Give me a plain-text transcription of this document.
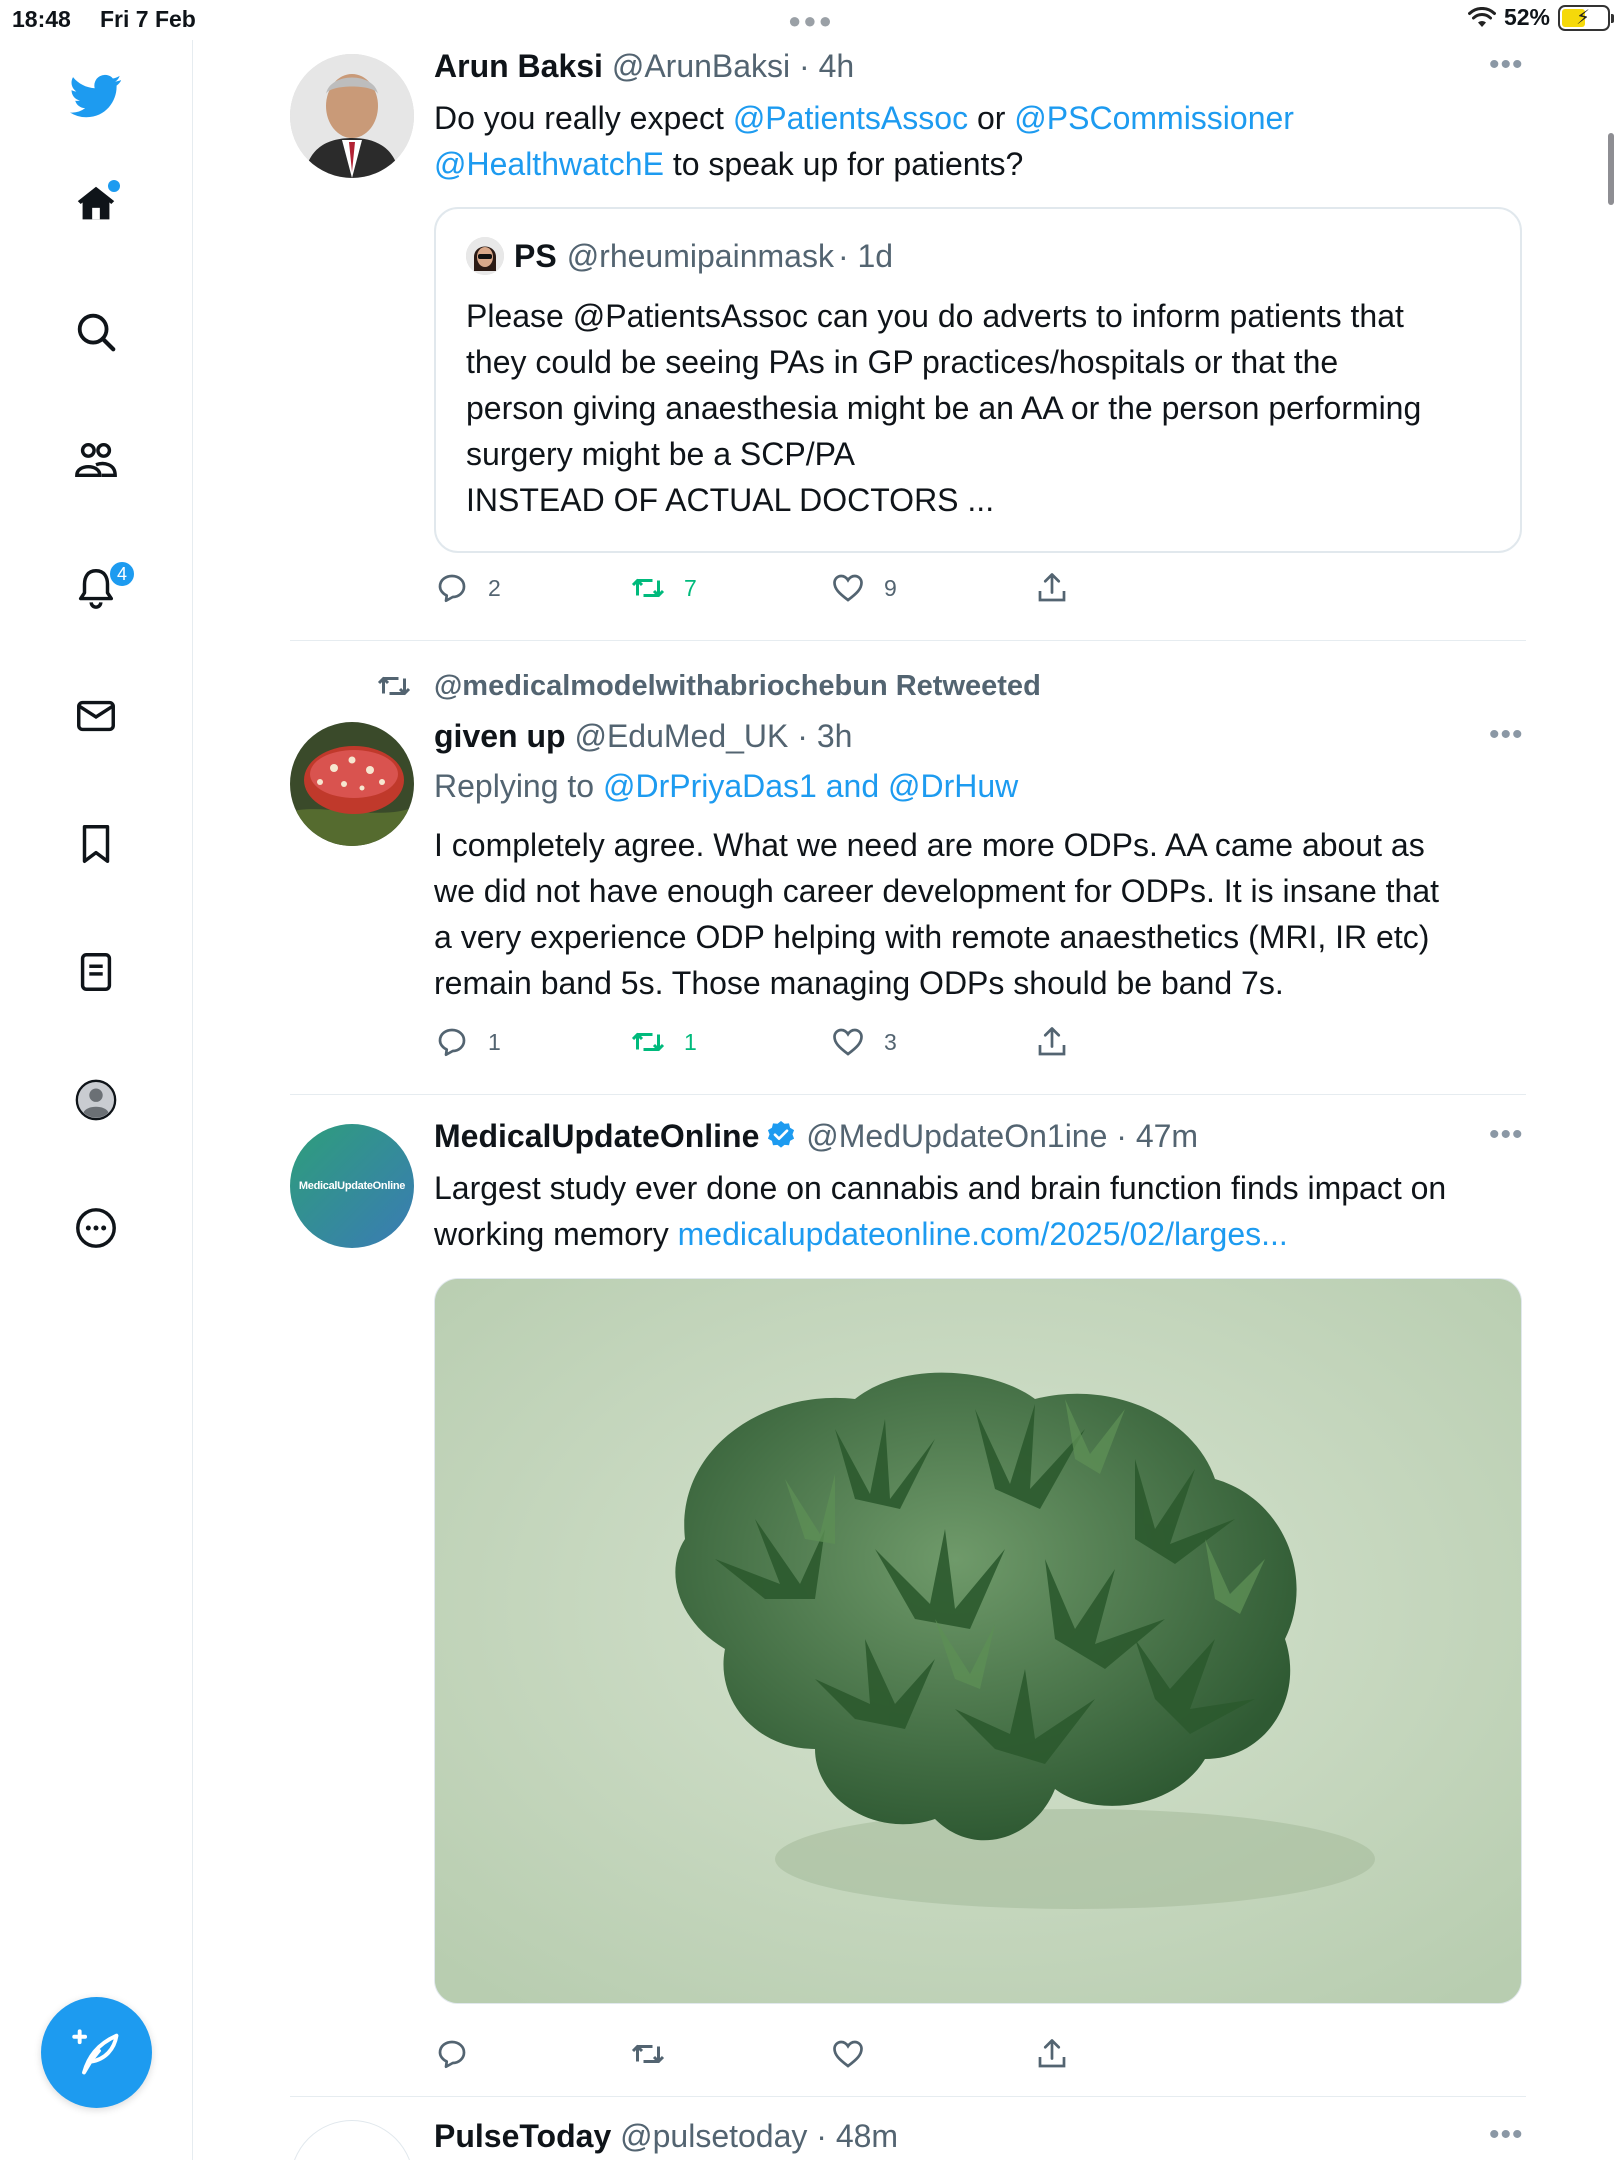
18:48 Fri 7 Feb	●●●	52% ⚡
4
Arun Baksi @ArunBaksi · 4h	•••
Do you really expect @PatientsAssoc or @PSCommissioner
@HealthwatchE to speak up for patients?
PS @rheumipainmask · 1d
Please @PatientsAssoc can you do adverts to inform patients that
they could be seeing PAs in GP practices/hospitals or that the
person giving anaesthesia might be an AA or the person performing
surgery might be a SCP/PA
INSTEAD OF ACTUAL DOCTORS ...
2	7	9
@medicalmodelwithabriochebun Retweeted
given up @EduMed_UK · 3h	•••
Replying to @DrPriyaDas1 and @DrHuw
I completely agree. What we need are more ODPs. AA came about as
we did not have enough career development for ODPs. It is insane that
a very experience ODP helping with remote anaesthetics (MRI, IR etc)
remain band 5s. Those managing ODPs should be band 7s.
1	1	3
MedicalUpdateOnline
MedicalUpdateOnline @MedUpdateOn1ine · 47m	•••
Largest study ever done on cannabis and brain function finds impact on
working memory medicalupdateonline.com/2025/02/larges...
PulseToday @pulsetoday · 48m	•••
